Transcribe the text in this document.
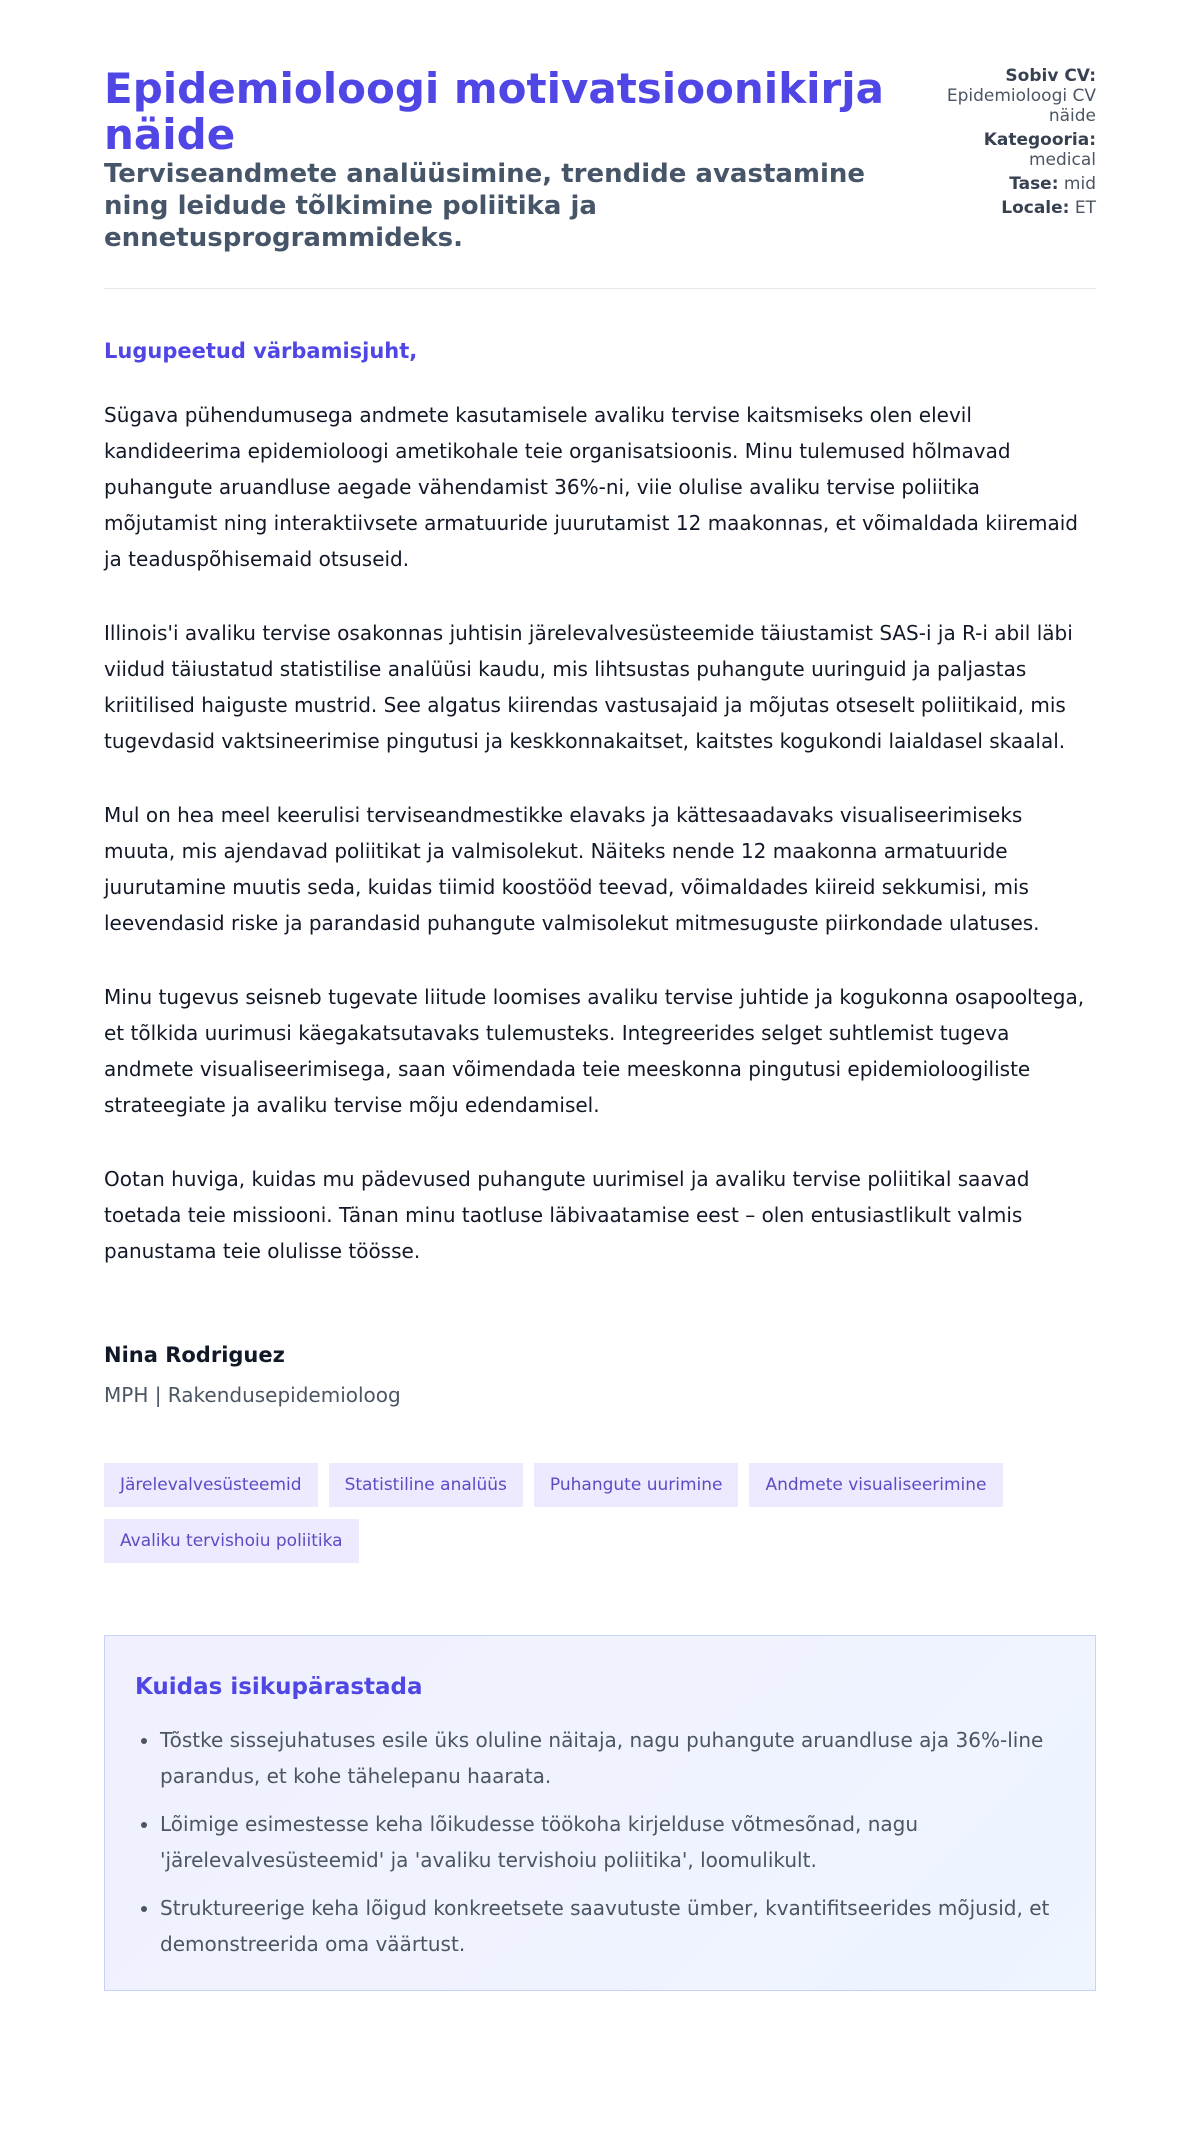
Epidemioloogi motivatsioonikirja näide
Terviseandmete analüüsimine, trendide avastamine ning leidude tõlkimine poliitika ja ennetusprogrammideks.
Sobiv CV: Epidemioloogi CV näide
Kategooria: medical
Tase: mid
Locale: ET
Lugupeetud värbamisjuht,

Sügava pühendumusega andmete kasutamisele avaliku tervise kaitsmiseks olen elevil kandideerima epidemioloogi ametikohale teie organisatsioonis. Minu tulemused hõlmavad puhangute aruandluse aegade vähendamist 36%-ni, viie olulise avaliku tervise poliitika mõjutamist ning interaktiivsete armatuuride juurutamist 12 maakonnas, et võimaldada kiiremaid ja teaduspõhisemaid otsuseid.

Illinois'i avaliku tervise osakonnas juhtisin järelevalvesüsteemide täiustamist SAS-i ja R-i abil läbi viidud täiustatud statistilise analüüsi kaudu, mis lihtsustas puhangute uuringuid ja paljastas kriitilised haiguste mustrid. See algatus kiirendas vastusajaid ja mõjutas otseselt poliitikaid, mis tugevdasid vaktsineerimise pingutusi ja keskkonnakaitset, kaitstes kogukondi laialdasel skaalal.

Mul on hea meel keerulisi terviseandmestikke elavaks ja kättesaadavaks visualiseerimiseks muuta, mis ajendavad poliitikat ja valmisolekut. Näiteks nende 12 maakonna armatuuride juurutamine muutis seda, kuidas tiimid koostööd teevad, võimaldades kiireid sekkumisi, mis leevendasid riske ja parandasid puhangute valmisolekut mitmesuguste piirkondade ulatuses.

Minu tugevus seisneb tugevate liitude loomises avaliku tervise juhtide ja kogukonna osapooltega, et tõlkida uurimusi käegakatsutavaks tulemusteks. Integreerides selget suhtlemist tugeva andmete visualiseerimisega, saan võimendada teie meeskonna pingutusi epidemioloogiliste strateegiate ja avaliku tervise mõju edendamisel.

Ootan huviga, kuidas mu pädevused puhangute uurimisel ja avaliku tervise poliitikal saavad toetada teie missiooni. Tänan minu taotluse läbivaatamise eest – olen entusiastlikult valmis panustama teie olulisse töösse.

Nina Rodriguez
MPH | Rakendusepidemioloog
Järelevalvesüsteemid	Statistiline analüüs	Puhangute uurimine	Andmete visualiseerimine
Avaliku tervishoiu poliitika
Kuidas isikupärastada
• Tõstke sissejuhatuses esile üks oluline näitaja, nagu puhangute aruandluse aja 36%-line parandus, et kohe tähelepanu haarata.
• Lõimige esimestesse keha lõikudesse töökoha kirjelduse võtmesõnad, nagu 'järelevalvesüsteemid' ja 'avaliku tervishoiu poliitika', loomulikult.
• Struktureerige keha lõigud konkreetsete saavutuste ümber, kvantifitseerides mõjusid, et demonstreerida oma väärtust.
